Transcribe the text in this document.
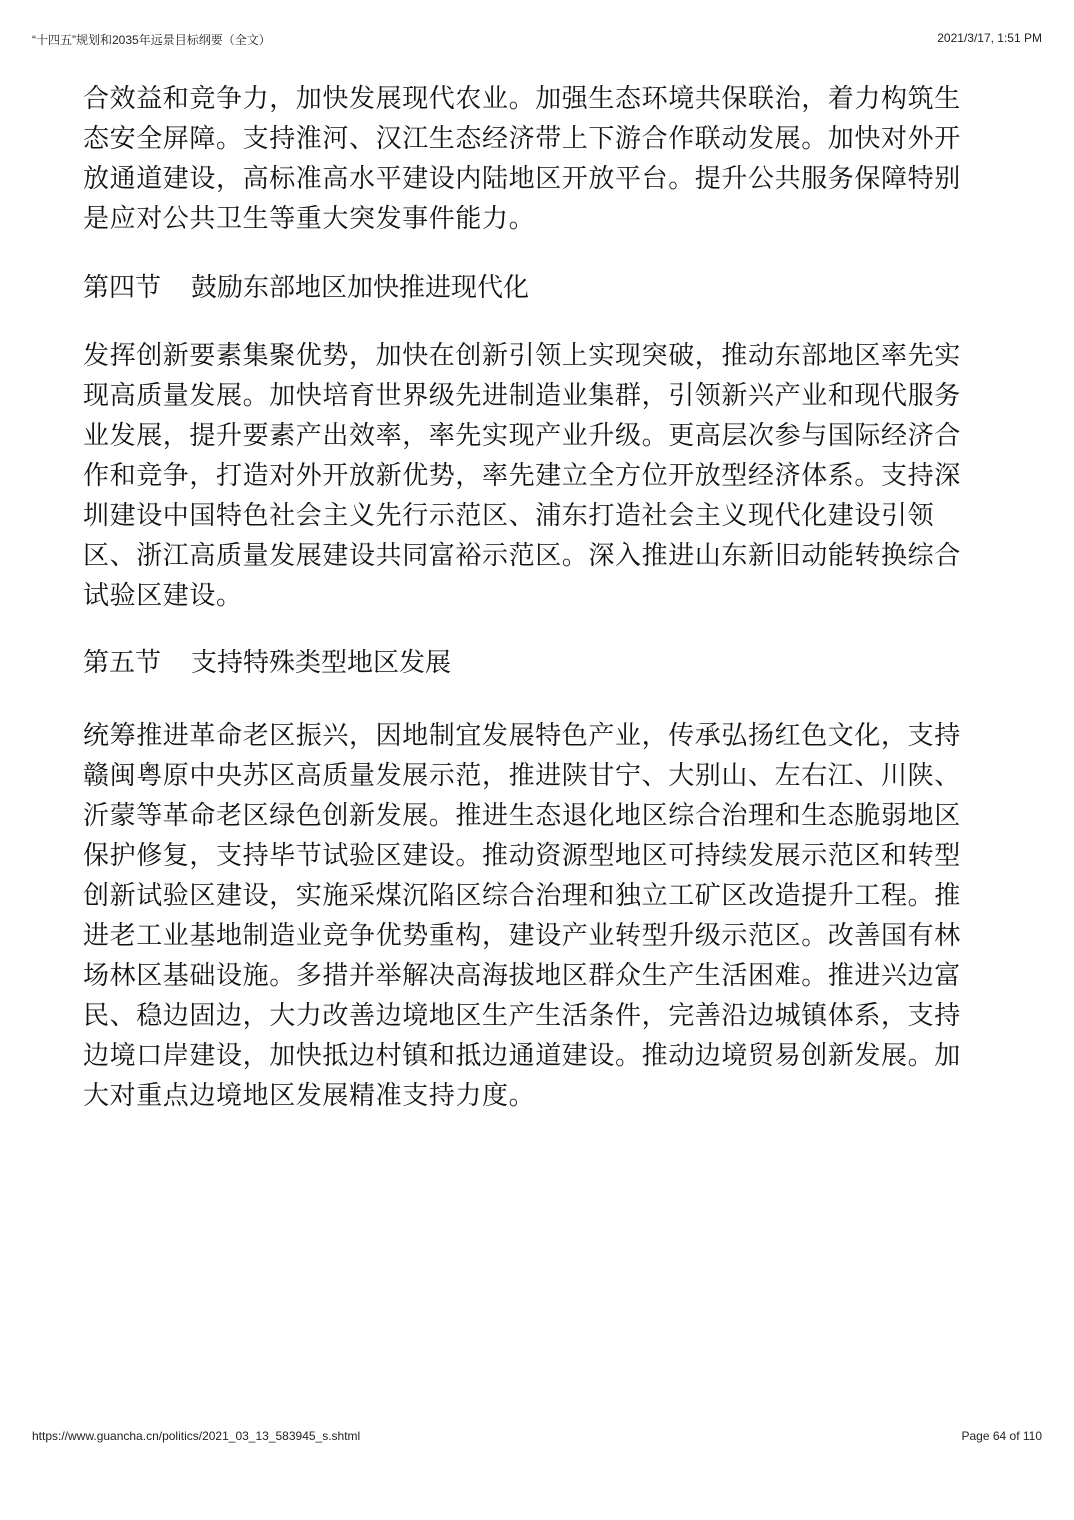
“十四五”规划和2035年远景目标纲要（全文）	2021/3/17, 1:51 PM
合效益和竞争力，加快发展现代农业。加强生态环境共保联治，着力构筑生
态安全屏障。支持淮河、汉江生态经济带上下游合作联动发展。加快对外开
放通道建设，高标准高水平建设内陆地区开放平台。提升公共服务保障特别
是应对公共卫生等重大突发事件能力。
第四节 鼓励东部地区加快推进现代化
发挥创新要素集聚优势，加快在创新引领上实现突破，推动东部地区率先实
现高质量发展。加快培育世界级先进制造业集群，引领新兴产业和现代服务
业发展，提升要素产出效率，率先实现产业升级。更高层次参与国际经济合
作和竞争，打造对外开放新优势，率先建立全方位开放型经济体系。支持深
圳建设中国特色社会主义先行示范区、浦东打造社会主义现代化建设引领
区、浙江高质量发展建设共同富裕示范区。深入推进山东新旧动能转换综合
试验区建设。
第五节 支持特殊类型地区发展
统筹推进革命老区振兴，因地制宜发展特色产业，传承弘扬红色文化，支持
赣闽粤原中央苏区高质量发展示范，推进陕甘宁、大别山、左右江、川陕、
沂蒙等革命老区绿色创新发展。推进生态退化地区综合治理和生态脆弱地区
保护修复，支持毕节试验区建设。推动资源型地区可持续发展示范区和转型
创新试验区建设，实施采煤沉陷区综合治理和独立工矿区改造提升工程。推
进老工业基地制造业竞争优势重构，建设产业转型升级示范区。改善国有林
场林区基础设施。多措并举解决高海拔地区群众生产生活困难。推进兴边富
民、稳边固边，大力改善边境地区生产生活条件，完善沿边城镇体系，支持
边境口岸建设，加快抵边村镇和抵边通道建设。推动边境贸易创新发展。加
大对重点边境地区发展精准支持力度。
https://www.guancha.cn/politics/2021_03_13_583945_s.shtml	Page 64 of 110
